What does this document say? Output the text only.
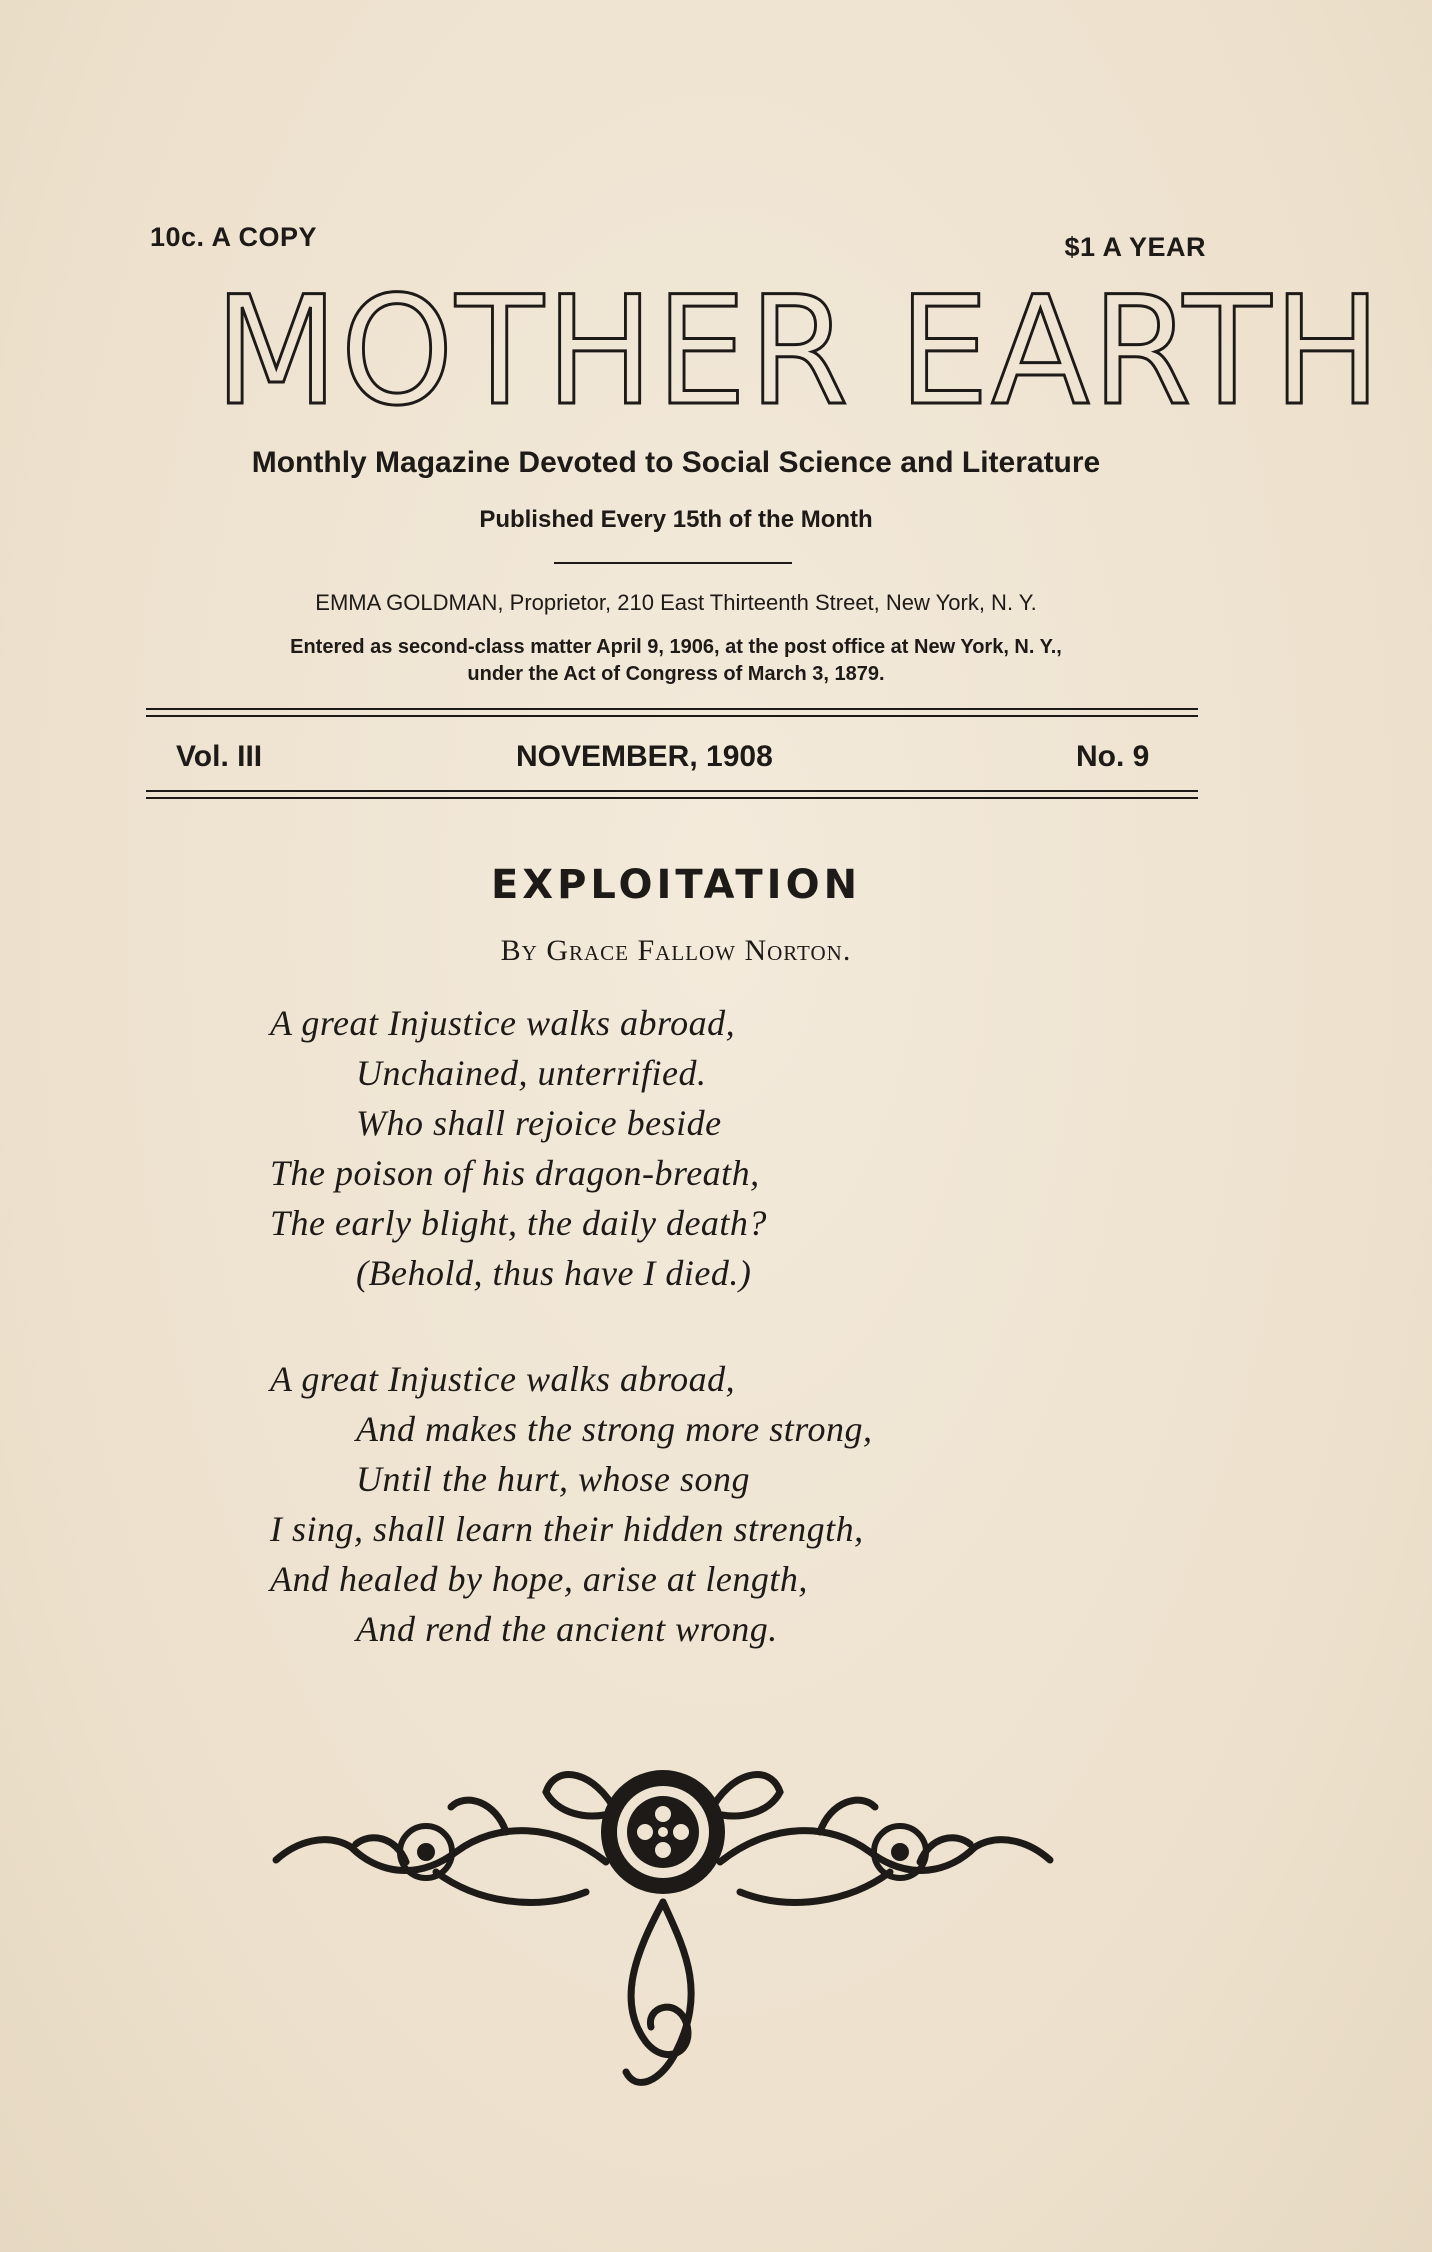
10c. A COPY	$1 A YEAR
MOTHER EARTH
Monthly Magazine Devoted to Social Science and Literature
Published Every 15th of the Month
EMMA GOLDMAN, Proprietor, 210 East Thirteenth Street, New York, N. Y.
Entered as second-class matter April 9, 1906, at the post office at New York, N. Y.,
under the Act of Congress of March 3, 1879.
Vol. III	NOVEMBER, 1908	No. 9
EXPLOITATION
By Grace Fallow Norton.
A great Injustice walks abroad,
Unchained, unterrified.
Who shall rejoice beside
The poison of his dragon-breath,
The early blight, the daily death?
(Behold, thus have I died.)
A great Injustice walks abroad,
And makes the strong more strong,
Until the hurt, whose song
I sing, shall learn their hidden strength,
And healed by hope, arise at length,
And rend the ancient wrong.
